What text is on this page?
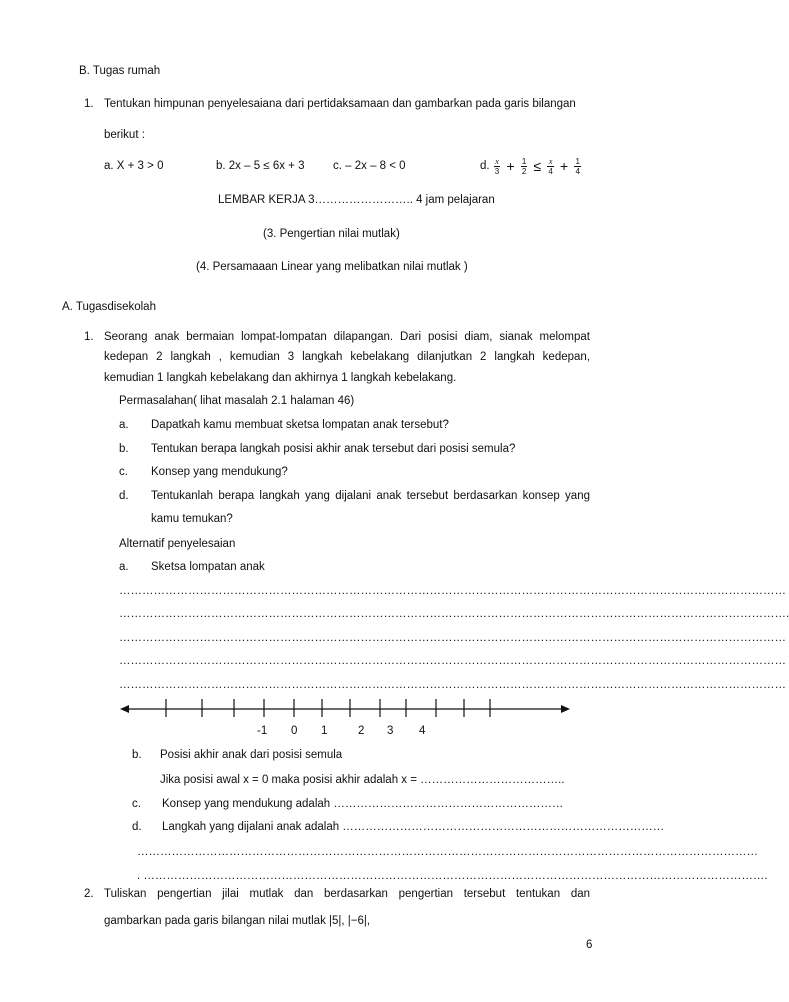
B. Tugas rumah
1. Tentukan himpunan penyelesaiana dari pertidaksamaan dan gambarkan pada garis bilangan
berikut :
a. X + 3 > 0	b. 2x – 5 ≤ 6x + 3 c. – 2x – 8 < 0	d. $\frac{x}{3} + \frac{1}{2} \le \frac{x}{4} + \frac{1}{4}$
LEMBAR KERJA 3…………………….. 4 jam pelajaran
(3. Pengertian nilai mutlak)
(4. Persamaaan Linear yang melibatkan nilai mutlak )
A. Tugasdisekolah
1. Seorang anak bermaian lompat-lompatan dilapangan. Dari posisi diam, sianak melompat
kedepan 2 langkah , kemudian 3 langkah kebelakang dilanjutkan 2 langkah kedepan,
kemudian 1 langkah kebelakang dan akhirnya 1 langkah kebelakang.
Permasalahan( lihat masalah 2.1 halaman 46)
a. Dapatkah kamu membuat sketsa lompatan anak tersebut?
b. Tentukan berapa langkah posisi akhir anak tersebut dari posisi semula?
c. Konsep yang mendukung?
d. Tentukanlah berapa langkah yang dijalani anak tersebut berdasarkan konsep yang
kamu temukan?
Alternatif penyelesaian
a. Sketsa lompatan anak
…………………………………………………………………………………………………………………………………………………………
………………………………………………………………………………………………………………………………………………………….
…………………………………………………………………………………………………………………………………………………………
…………………………………………………………………………………………………………………………………………………………
…………………………………………………………………………………………………………………………………………………………
-1 0 1	2 3 4
b. Posisi akhir anak dari posisi semula
Jika posisi awal x = 0 maka posisi akhir adalah x = ………………………………..
c. Konsep yang mendukung adalah ……………………………………………………
d. Langkah yang dijalani anak adalah …………………………………………………………………………
………………………………………………………………………………………………………………………………………………
. ……………………………………………………………………………………………………………………………………………….
2. Tuliskan pengertian jilai mutlak dan berdasarkan pengertian tersebut tentukan dan
gambarkan pada garis bilangan nilai mutlak |5|, |−6|,
6
